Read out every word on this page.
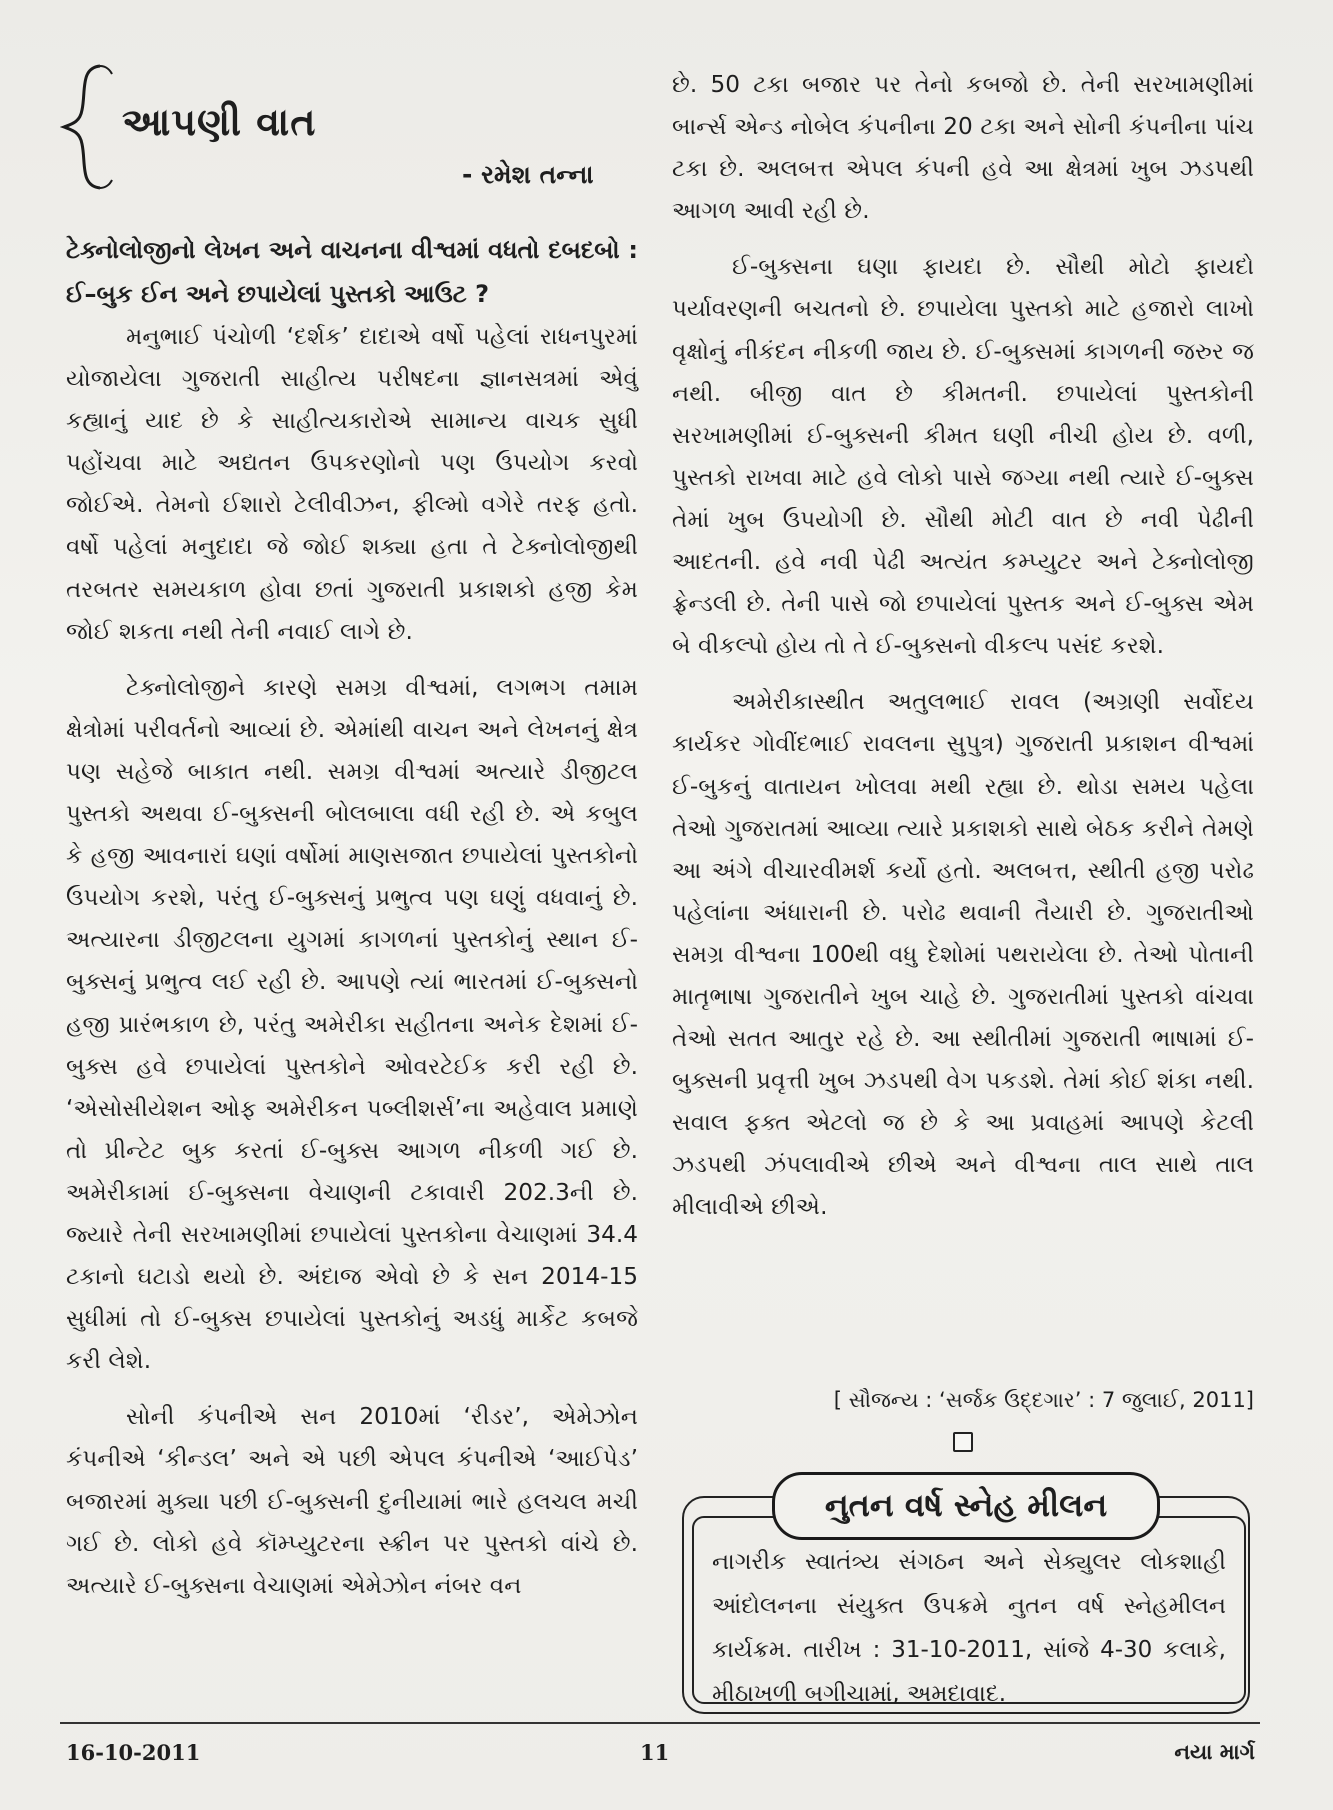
આપણી વાત
- રમેશ તન્ના

ટેક્નોલોજીનો લેખન અને વાચનના વીશ્વમાં વધતો દબદબો : ઈ–બુક ઈન અને છપાયેલાં પુસ્તકો આઉટ ?

મનુભાઈ પંચોળી ‘દર્શક’ દાદાએ વર્ષો પહેલાં રાધનપુરમાં યોજાયેલા ગુજરાતી સાહીત્ય પરીષદના જ્ઞાનસત્રમાં એવું કહ્યાનું યાદ છે કે સાહીત્યકારોએ સામાન્ય વાચક સુધી પહોંચવા માટે અદ્યતન ઉપકરણોનો પણ ઉપયોગ કરવો જોઈએ. તેમનો ઈશારો ટેલીવીઝન, ફીલ્મો વગેરે તરફ હતો. વર્ષો પહેલાં મનુદાદા જે જોઈ શક્યા હતા તે ટેક્નોલોજીથી તરબતર સમયકાળ હોવા છતાં ગુજરાતી પ્રકાશકો હજી કેમ જોઈ શકતા નથી તેની નવાઈ લાગે છે.

ટેક્નોલોજીને કારણે સમગ્ર વીશ્વમાં, લગભગ તમામ ક્ષેત્રોમાં પરીવર્તનો આવ્યાં છે. એમાંથી વાચન અને લેખનનું ક્ષેત્ર પણ સહેજે બાકાત નથી. સમગ્ર વીશ્વમાં અત્યારે ડીજીટલ પુસ્તકો અથવા ઈ-બુક્સની બોલબાલા વધી રહી છે. એ કબુલ કે હજી આવનારાં ઘણાં વર્ષોમાં માણસજાત છપાયેલાં પુસ્તકોનો ઉપયોગ કરશે, પરંતુ ઈ-બુક્સનું પ્રભુત્વ પણ ઘણું વધવાનું છે. અત્યારના ડીજીટલના યુગમાં કાગળનાં પુસ્તકોનું સ્થાન ઈ-બુક્સનું પ્રભુત્વ લઈ રહી છે. આપણે ત્યાં ભારતમાં ઈ-બુક્સનો હજી પ્રારંભકાળ છે, પરંતુ અમેરીકા સહીતના અનેક દેશમાં ઈ-બુક્સ હવે છપાયેલાં પુસ્તકોને ઓવરટેઈક કરી રહી છે. ‘એસોસીયેશન ઓફ અમેરીકન પબ્લીશર્સ’ના અહેવાલ પ્રમાણે તો પ્રીન્ટેટ બુક કરતાં ઈ-બુક્સ આગળ નીકળી ગઈ છે. અમેરીકામાં ઈ-બુક્સના વેચાણની ટકાવારી 202.3ની છે. જ્યારે તેની સરખામણીમાં છપાયેલાં પુસ્તકોના વેચાણમાં 34.4 ટકાનો ઘટાડો થયો છે. અંદાજ એવો છે કે સન 2014-15 સુધીમાં તો ઈ-બુક્સ છપાયેલાં પુસ્તકોનું અડધું માર્કેટ કબજે કરી લેશે.

સોની કંપનીએ સન 2010માં ‘રીડર’, એમેઝોન કંપનીએ ‘કીન્ડલ’ અને એ પછી એપલ કંપનીએ ‘આઈપેડ’ બજારમાં મુક્યા પછી ઈ-બુક્સની દુનીયામાં ભારે હલચલ મચી ગઈ છે. લોકો હવે કૉમ્પ્યુટરના સ્ક્રીન પર પુસ્તકો વાંચે છે. અત્યારે ઈ-બુક્સના વેચાણમાં એમેઝોન નંબર વન

છે. 50 ટકા બજાર પર તેનો કબજો છે. તેની સરખામણીમાં બાર્ન્સ એન્ડ નોબેલ કંપનીના 20 ટકા અને સોની કંપનીના પાંચ ટકા છે. અલબત્ત એપલ કંપની હવે આ ક્ષેત્રમાં ખુબ ઝડપથી આગળ આવી રહી છે.

ઈ-બુક્સના ઘણા ફાયદા છે. સૌથી મોટો ફાયદો પર્યાવરણની બચતનો છે. છપાયેલા પુસ્તકો માટે હજારો લાખો વૃક્ષોનું નીકંદન નીકળી જાય છે. ઈ-બુક્સમાં કાગળની જરુર જ નથી. બીજી વાત છે કીમતની. છપાયેલાં પુસ્તકોની સરખામણીમાં ઈ-બુક્સની કીમત ઘણી નીચી હોય છે. વળી, પુસ્તકો રાખવા માટે હવે લોકો પાસે જગ્યા નથી ત્યારે ઈ-બુક્સ તેમાં ખુબ ઉપયોગી છે. સૌથી મોટી વાત છે નવી પેઢીની આદતની. હવે નવી પેઢી અત્યંત કમ્પ્યુટર અને ટેક્નોલોજી ફ્રેન્ડલી છે. તેની પાસે જો છપાયેલાં પુસ્તક અને ઈ-બુક્સ એમ બે વીકલ્પો હોય તો તે ઈ-બુક્સનો વીકલ્પ પસંદ કરશે.

અમેરીકાસ્થીત અતુલભાઈ રાવલ (અગ્રણી સર્વોદય કાર્યકર ગોવીંદભાઈ રાવલના સુપુત્ર) ગુજરાતી પ્રકાશન વીશ્વમાં ઈ-બુકનું વાતાયન ખોલવા મથી રહ્યા છે. થોડા સમય પહેલા તેઓ ગુજરાતમાં આવ્યા ત્યારે પ્રકાશકો સાથે બેઠક કરીને તેમણે આ અંગે વીચારવીમર્શ કર્યો હતો. અલબત્ત, સ્થીતી હજી પરોઢ પહેલાંના અંધારાની છે. પરોઢ થવાની તૈયારી છે. ગુજરાતીઓ સમગ્ર વીશ્વના 100થી વધુ દેશોમાં પથરાયેલા છે. તેઓ પોતાની માતૃભાષા ગુજરાતીને ખુબ ચાહે છે. ગુજરાતીમાં પુસ્તકો વાંચવા તેઓ સતત આતુર રહે છે. આ સ્થીતીમાં ગુજરાતી ભાષામાં ઈ-બુક્સની પ્રવૃત્તી ખુબ ઝડપથી વેગ પકડશે. તેમાં કોઈ શંકા નથી. સવાલ ફક્ત એટલો જ છે કે આ પ્રવાહમાં આપણે કેટલી ઝડપથી ઝંપલાવીએ છીએ અને વીશ્વના તાલ સાથે તાલ મીલાવીએ છીએ.

[ સૌજન્ય : ‘સર્જક ઉદ્દગાર’ : 7 જુલાઈ, 2011]
નુતન વર્ષ સ્નેહ મીલન
નાગરીક સ્વાતંત્ર્ય સંગઠન અને સેક્યુલર લોકશાહી આંદોલનના સંયુક્ત ઉપક્રમે નુતન વર્ષ સ્નેહમીલન કાર્યક્રમ. તારીખ : 31-10-2011, સાંજે 4-30 કલાકે, મીઠાખળી બગીચામાં, અમદાવાદ.
16-10-2011	11	નયા માર્ગ
